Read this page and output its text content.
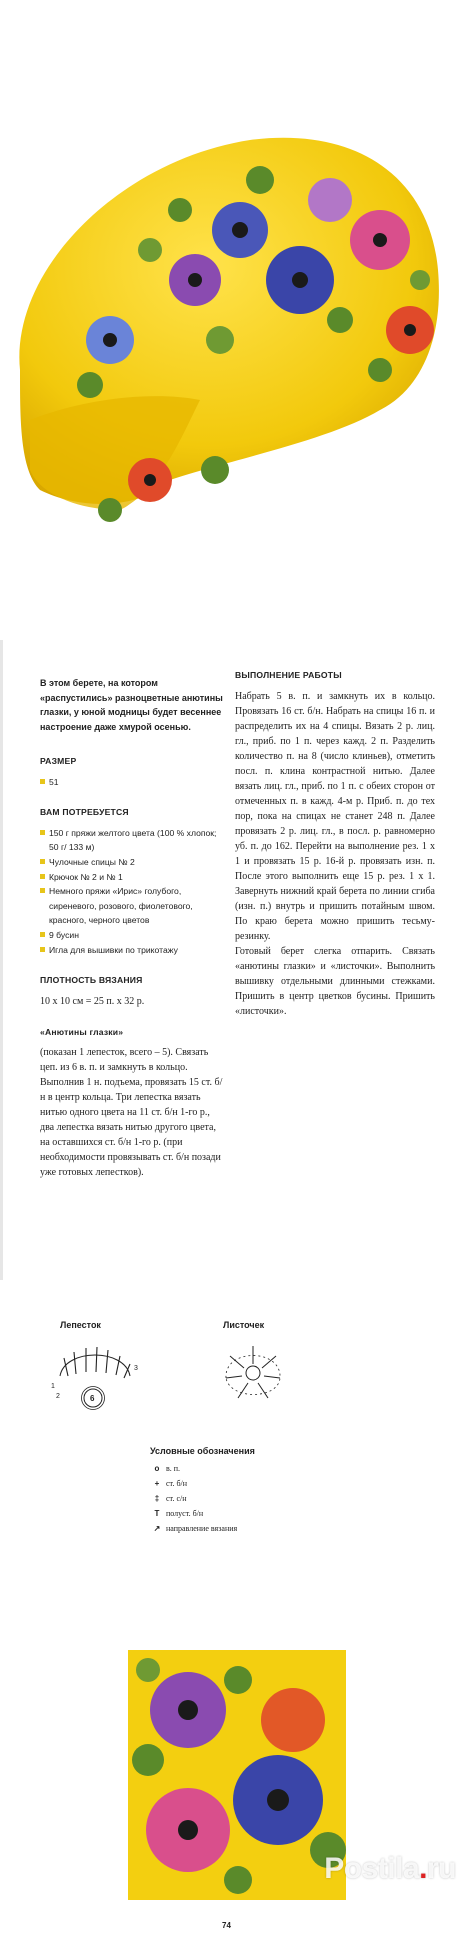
В этом берете, на котором «распустились» разноцветные анютины глазки, у юной модницы будет весеннее настроение даже хмурой осенью.

РАЗМЕР
51
ВАМ ПОТРЕБУЕТСЯ
150 г пряжи желтого цвета (100 % хлопок; 50 г/ 133 м)
Чулочные спицы № 2
Крючок № 2 и № 1
Немного пряжи «Ирис» голубого, сиреневого, розового, фиолетового, красного, черного цветов
9 бусин
Игла для вышивки по трикотажу
ПЛОТНОСТЬ ВЯЗАНИЯ
10 х 10 см = 25 п. х 32 р.
«Анютины глазки»

(показан 1 лепесток, всего – 5). Связать цеп. из 6 в. п. и замкнуть в кольцо. Выполнив 1 н. подъема, провязать 15 ст. б/н в центр кольца. Три лепестка вязать нитью одного цвета на 11 ст. б/н 1-го р., два лепестка вязать нитью другого цвета, на оставшихся ст. б/н 1-го р. (при необходимости провязывать ст. б/н позади уже готовых лепестков).

ВЫПОЛНЕНИЕ РАБОТЫ

Набрать 5 в. п. и замкнуть их в кольцо. Провязать 16 ст. б/н. Набрать на спицы 16 п. и распределить их на 4 спицы. Вязать 2 р. лиц. гл., приб. по 1 п. через кажд. 2 п. Разделить количество п. на 8 (число клиньев), отметить посл. п. клина контрастной нитью. Далее вязать лиц. гл., приб. по 1 п. с обеих сторон от отмеченных п. в кажд. 4-м р. Приб. п. до тех пор, пока на спицах не станет 248 п. Далее провязать 2 р. лиц. гл., в посл. р. равномерно уб. п. до 162. Перейти на выполнение рез. 1 х 1 и провязать 15 р. 16-й р. провязать изн. п. После этого выполнить еще 15 р. рез. 1 х 1. Завернуть нижний край берета по линии сгиба (изн. п.) внутрь и пришить потайным швом. По краю берета можно пришить тесьму-резинку.

Готовый берет слегка отпарить. Связать «анютины глазки» и «листочки». Выполнить вышивку отдельными длинными стежками. Пришить в центр цветков бусины. Пришить «листочки».

Лепесток	Листочек
1
2
3
6
Условные обозначения
o в. п.
+ ст. б/н
‡ ст. с/н
T полуст. б/н
↗ направление вязания
Postila.ru
74
